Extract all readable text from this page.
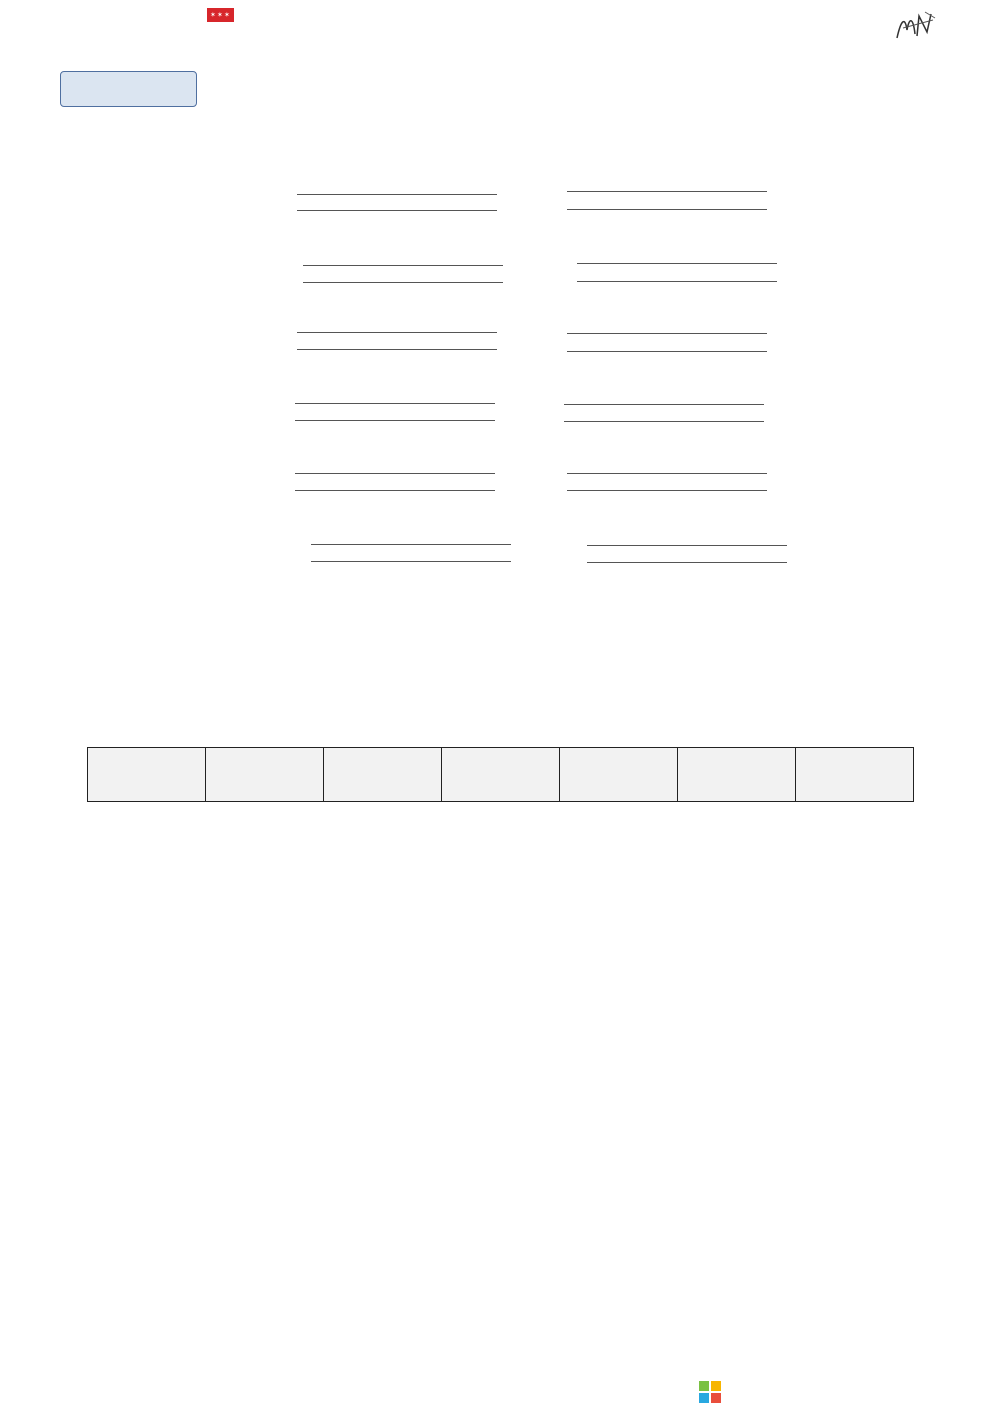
✶ ✶ ✶
